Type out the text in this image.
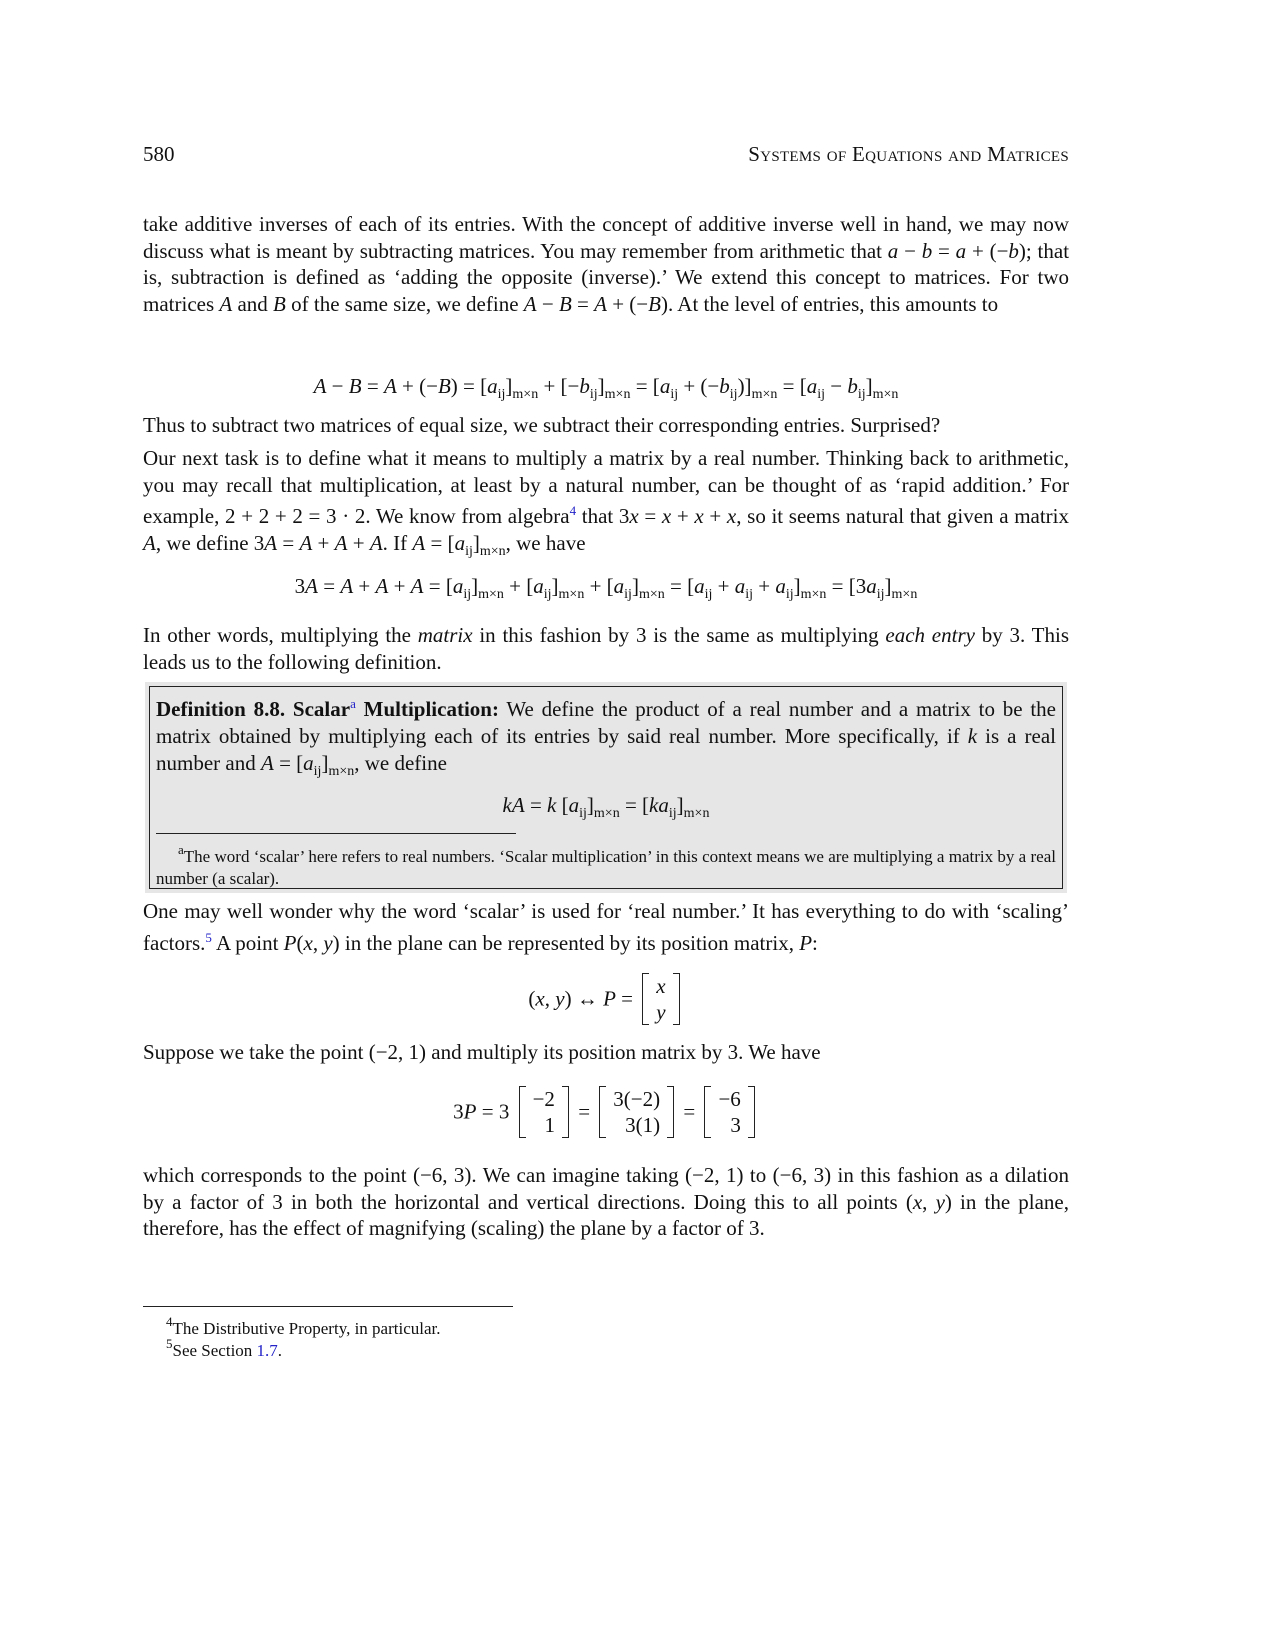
580	Systems of Equations and Matrices
take additive inverses of each of its entries. With the concept of additive inverse well in hand, we may now discuss what is meant by subtracting matrices. You may remember from arithmetic that a − b = a + (−b); that is, subtraction is defined as ‘adding the opposite (inverse).’ We extend this concept to matrices. For two matrices A and B of the same size, we define A − B = A + (−B). At the level of entries, this amounts to
$A - B = A + (-B) = [a_{ij}]_{m\times n} + [-b_{ij}]_{m\times n} = [a_{ij} + (-b_{ij})]_{m\times n} = [a_{ij} - b_{ij}]_{m\times n}$
Thus to subtract two matrices of equal size, we subtract their corresponding entries. Surprised?
Our next task is to define what it means to multiply a matrix by a real number. Thinking back to arithmetic, you may recall that multiplication, at least by a natural number, can be thought of as ‘rapid addition.’ For example, 2 + 2 + 2 = 3 · 2. We know from algebra$^4$ that 3x = x + x + x, so it seems natural that given a matrix A, we define 3A = A + A + A. If $A = [a_{ij}]_{m\times n}$, we have
$3A = A + A + A = [a_{ij}]_{m\times n} + [a_{ij}]_{m\times n} + [a_{ij}]_{m\times n} = [a_{ij} + a_{ij} + a_{ij}]_{m\times n} = [3a_{ij}]_{m\times n}$
In other words, multiplying the matrix in this fashion by 3 is the same as multiplying each entry by 3. This leads us to the following definition.
Definition 8.8. Scalar$^a$ Multiplication: We define the product of a real number and a matrix to be the matrix obtained by multiplying each of its entries by said real number. More specifically, if k is a real number and $A = [a_{ij}]_{m\times n}$, we define
kA = k $[a_{ij}]_{m\times n} = [ka_{ij}]_{m\times n}$
$^a$The word ‘scalar’ here refers to real numbers. ‘Scalar multiplication’ in this context means we are multiplying a matrix by a real number (a scalar).
One may well wonder why the word ‘scalar’ is used for ‘real number.’ It has everything to do with ‘scaling’ factors.$^5$ A point P(x, y) in the plane can be represented by its position matrix, P:
(x, y) ↔ P =
x
y
Suppose we take the point (−2, 1) and multiply its position matrix by 3. We have
3P = 3
−2
1
=
3(−2)
3(1)
=
−6
3
which corresponds to the point (−6, 3). We can imagine taking (−2, 1) to (−6, 3) in this fashion as a dilation by a factor of 3 in both the horizontal and vertical directions. Doing this to all points (x, y) in the plane, therefore, has the effect of magnifying (scaling) the plane by a factor of 3.
$^4$The Distributive Property, in particular.
$^5$See Section 1.7.
